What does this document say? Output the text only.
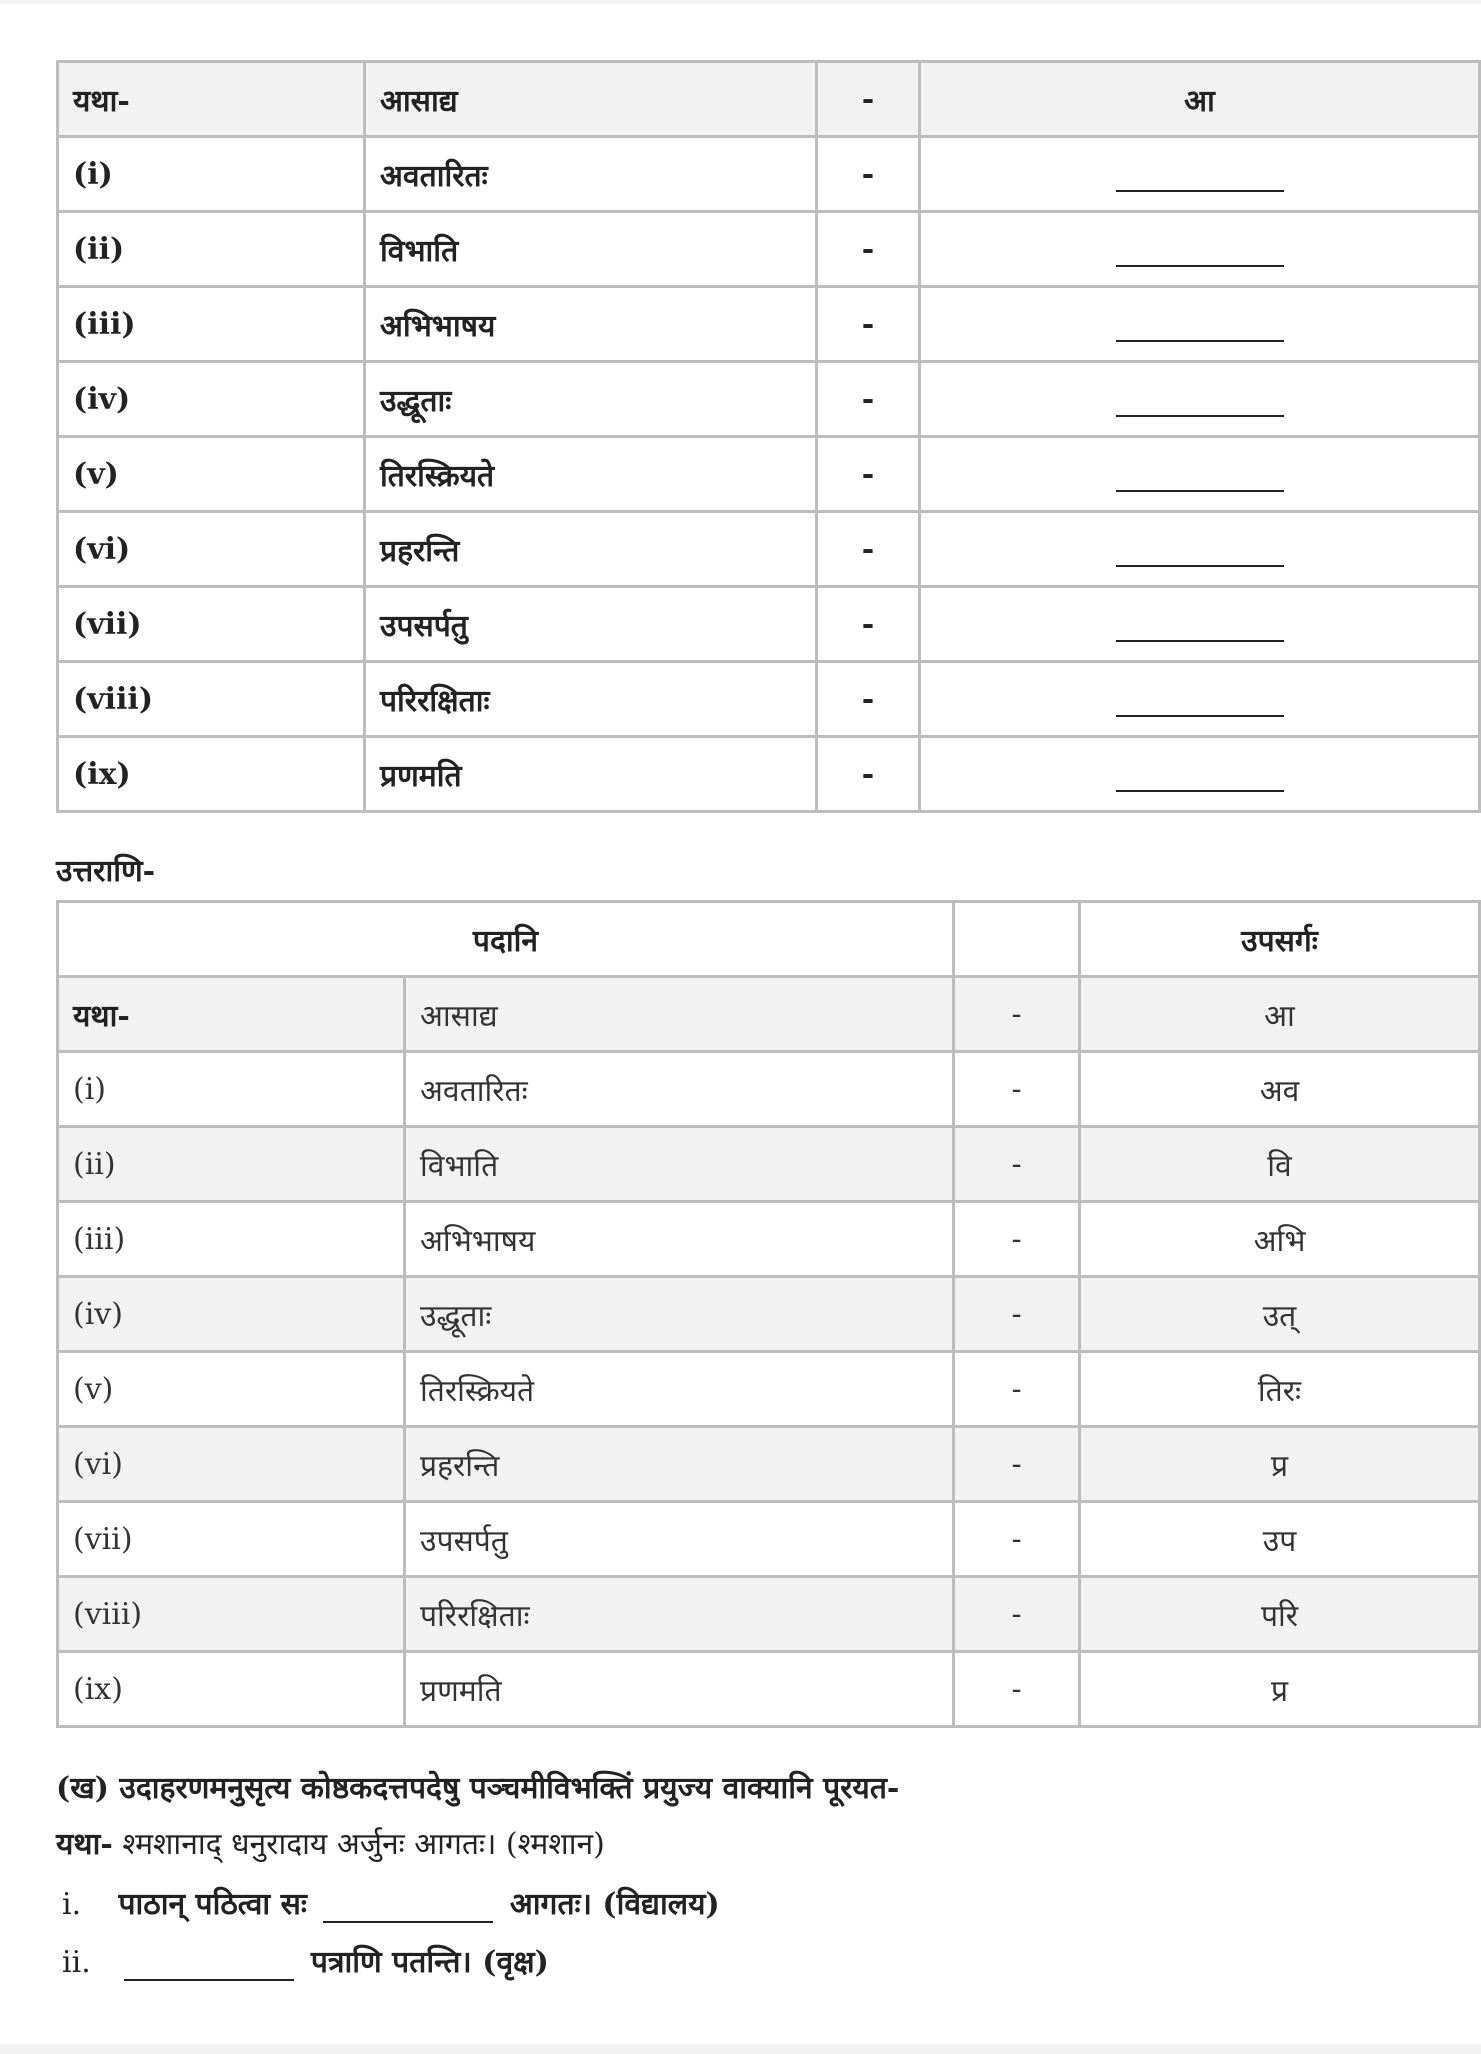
यथा-	आसाद्य	-	आ
(i)	अवतारितः	-	
(ii)	विभाति	-	
(iii)	अभिभाषय	-	
(iv)	उद्धूताः	-	
(v)	तिरस्क्रियते	-	
(vi)	प्रहरन्ति	-	
(vii)	उपसर्पतु	-	
(viii)	परिरक्षिताः	-	
(ix)	प्रणमति	-	
उत्तराणि-
पदानि			उपसर्गः
यथा-	आसाद्य	-	आ
(i)	अवतारितः	-	अव
(ii)	विभाति	-	वि
(iii)	अभिभाषय	-	अभि
(iv)	उद्धूताः	-	उत्
(v)	तिरस्क्रियते	-	तिरः
(vi)	प्रहरन्ति	-	प्र
(vii)	उपसर्पतु	-	उप
(viii)	परिरक्षिताः	-	परि
(ix)	प्रणमति	-	प्र
(ख) उदाहरणमनुसृत्य कोष्ठकदत्तपदेषु पञ्चमीविभक्तिं प्रयुज्य वाक्यानि पूरयत-
यथा- श्मशानाद् धनुरादाय अर्जुनः आगतः। (श्मशान)
i. पाठान् पठित्वा सः	आगतः। (विद्यालय)
ii.	पत्राणि पतन्ति। (वृक्ष)
